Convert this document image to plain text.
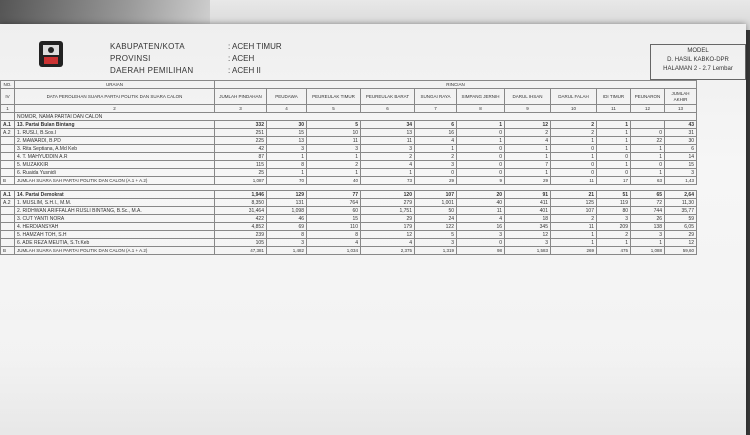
KABUPATEN/KOTA	: ACEH TIMUR
PROVINSI	: ACEH
DAERAH PEMILIHAN	: ACEH II
MODEL
D. HASIL KABKO-DPR
HALAMAN 2 - 2.7 Lembar
NO.	URAIAN	RINCIAN										
IV	DATA PEROLEHAN SUARA PARTAI POLITIK DAN SUARA CALON	JUMLAH PINDAHAN	PEUDAWA	PEUREULAK TIMUR	PEUREULAK BARAT	SUNGAI RAYA	SIMPANG JERNIH	DARUL IHSAN	DARUL FALAH	IDI TIMUR	PEUNARON	JUMLAH AKHIR
1	2	3	4	5	6	7	8	9	10	11	12	13
	NOMOR, NAMA PARTAI DAN CALON											
A.1	13. Partai Bulan Bintang	332	30	5	34	6	1	12	2	1		43
A.2	1. RUSLI, B.Sos.I	251	15	10	13	16	0	2	2	1	0	31
	2. MAWARDI, B.PD	225	13	11	11	4	1	4	1	1	22	30
	3. Rita Septiana, A.Md Keb	42	3	3	3	1	0	1	0	1	1	6
	4. T. MAHYUDDIN A.R	87	1	1	2	2	0	1	1	0	1	14
	5. MUZAKKIR	115	8	2	4	3	0	7	0	1	0	15
	6. Ruaida Yusnidi	25	1	1	1	0	0	1	0	0	1	3
B	JUMLAH SUARA SAH PARTAI POLITIK DAN CALON (A.1 + A.2)	1,087	70	40	73	29	9	29	11	17	63	1,43

A.1	14. Partai Demokrat	1,946	129	77	120	107	20	91	21	51	65	2,64
A.2	1. MUSLIM, S.H.I., M.M.	8,350	131	764	279	1,001	40	411	125	119	72	11,30
	2. RIDHWAN ARIFFALAH RUSLI BINTANG, B.Sc., M.A.	31,464	1,098	60	1,751	50	11	401	107	80	744	35,77
	3. CUT YANTI NORA	422	46	15	29	24	4	18	2	3	26	59
	4. HERDIANSYAH	4,852	69	110	179	122	16	345	11	209	138	6,05
	5. HAMZAH TOH, S.H	239	8	8	12	5	3	12	1	2	3	29
	6. ADE REZA MEUTIA, S.Tr.Keb	105	3	4	4	3	0	3	1	1	1	12
B	JUMLAH SUARA SAH PARTAI POLITIK DAN CALON (A.1 + A.2)	47,381	1,482	1,034	2,375	1,319	98	1,583	269	475	1,088	59,60
